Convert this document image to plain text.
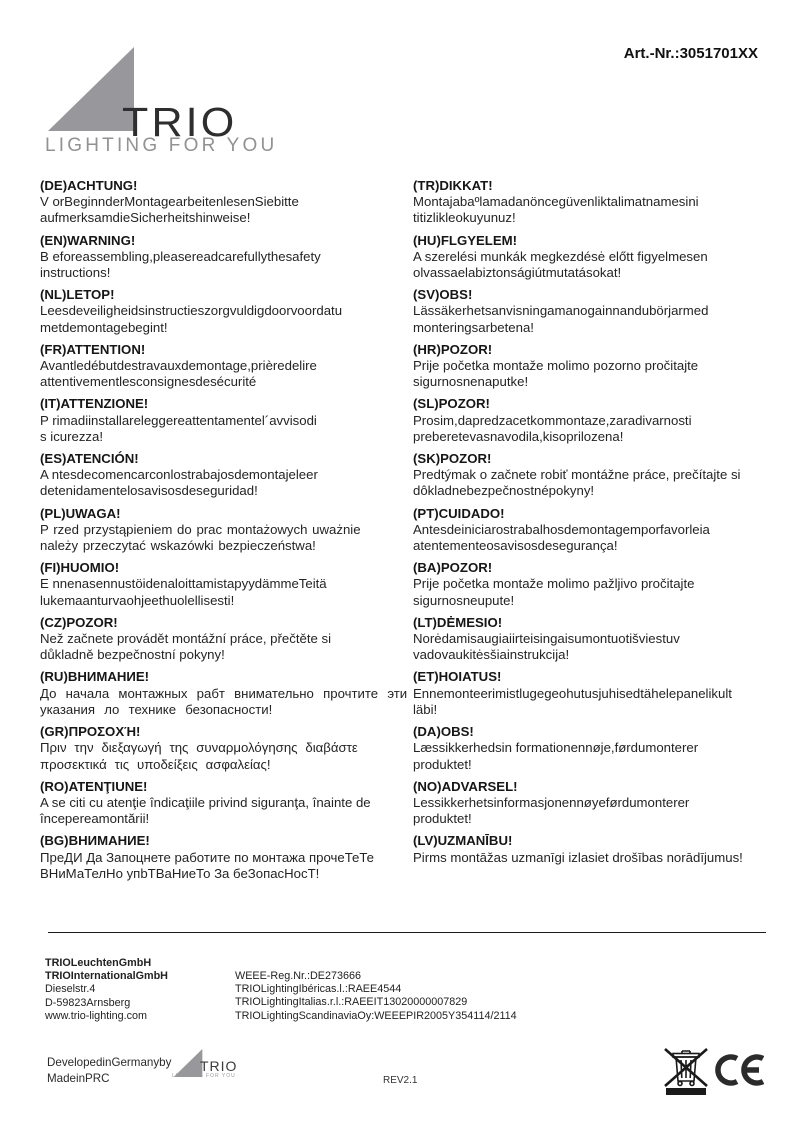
Art.-Nr.:3051701XX
TRIO
LIGHTING FOR YOU
(DE)ACHTUNG!
V orBeginnderMontagearbeitenlesenSiebitte
aufmerksamdieSicherheitshinweise!
(EN)WARNING!
B eforeassembling,pleasereadcarefullythesafety
instructions!
(NL)LETOP!
Leesdeveiligheidsinstructieszorgvuldigdoorvoordatu
metdemontagebegint!
(FR)ATTENTION!
Avantledébutdestravauxdemontage,prièredelire
attentivementlesconsignesdesécurité
(IT)ATTENZIONE!
P rimadiinstallareleggereattentamentel´avvisodi
s icurezza!
(ES)ATENCIÓN!
A ntesdecomencarconlostrabajosdemontajeleer
detenidamentelosavisosdeseguridad!
(PL)UWAGA!
P rzed przystąpieniem do prac montażowych uważnie
należy przeczytać wskazówki bezpieczeństwa!
(FI)HUOMIO!
E nnenasennustöidenaloittamistapyydämmeTeitä
lukemaanturvaohjeethuolellisesti!
(CZ)POZOR!
Než začnete provádět montážní práce, přečtěte si
důkladně bezpečnostní pokyny!
(RU)ВНИМАНИЕ!
До начала монтажных рабт внимательно прочтите эти
указания ло технике безопасности!
(GR)ΠΡΟΣΟΧΉ!
Πριν την διεξαγωγή της συναρμολόγησης διαβάστε
προσεκτικά τις υποδείξεις ασφαλείας!
(RO)ATENŢIUNE!
A se citi cu atenţie îndicaţiile privind siguranţa, înainte de
începereamontării!
(BG)ВНИМАНИЕ!
ПреДИ Да Запоцнете работите по монтажа прочеТеТе
ВНиМаТелНо упbТВаНиеТо За беЗопасНосТ!
(TR)DIKKAT!
Montajabaºlamadanöncegüvenliktalimatnamesini
titizlikleokuyunuz!
(HU)FLGYELEM!
A szerelési munkák megkezdésė előtt figyelmesen
olvassaelabiztonságiútmutatásokat!
(SV)OBS!
Lässäkerhetsanvisningamanogainnandubörjarmed
monteringsarbetena!
(HR)POZOR!
Prije početka montaže molimo pozorno pročitajte
sigurnosnenaputke!
(SL)POZOR!
Prosim,dapredzacetkommontaze,zaradivarnosti
preberetevasnavodila,kisoprilozena!
(SK)POZOR!
Predtýmak o začnete robiť montážne práce, prečítajte si
dôkladnebezpečnostnépokyny!
(PT)CUIDADO!
Antesdeiniciarostrabalhosdemontagemporfavorleia
atentementeosavisosdesegurança!
(BA)POZOR!
Prije početka montaže molimo pažljivo pročitajte
sigurnosneupute!
(LT)DĖMESIO!
Norėdamisaugiaiirteisingaisumontuotišviestuv
vadovaukitėsšiainstrukcija!
(ET)HOIATUS!
Ennemonteerimistlugegeohutusjuhisedtähelepanelikult
läbi!
(DA)OBS!
Læssikkerhedsin formationennøje,førdumonterer
produktet!
(NO)ADVARSEL!
Lessikkerhetsinformasjonennøyeførdumonterer
produktet!
(LV)UZMANĪBU!
Pirms montāžas uzmanīgi izlasiet drošības norādījumus!
TRIOLeuchtenGmbH
TRIOInternationalGmbH
Dieselstr.4
D-59823Arnsberg
www.trio-lighting.com
WEEE-Reg.Nr.:DE273666
TRIOLightingIbéricas.l.:RAEE4544
TRIOLightingItalias.r.l.:RAEEIT13020000007829
TRIOLightingScandinaviaOy:WEEEPIR2005Y354114/2114
DevelopedinGermanyby
MadeinPRC
TRIO
LIGHTING FOR YOU	REV2.1
